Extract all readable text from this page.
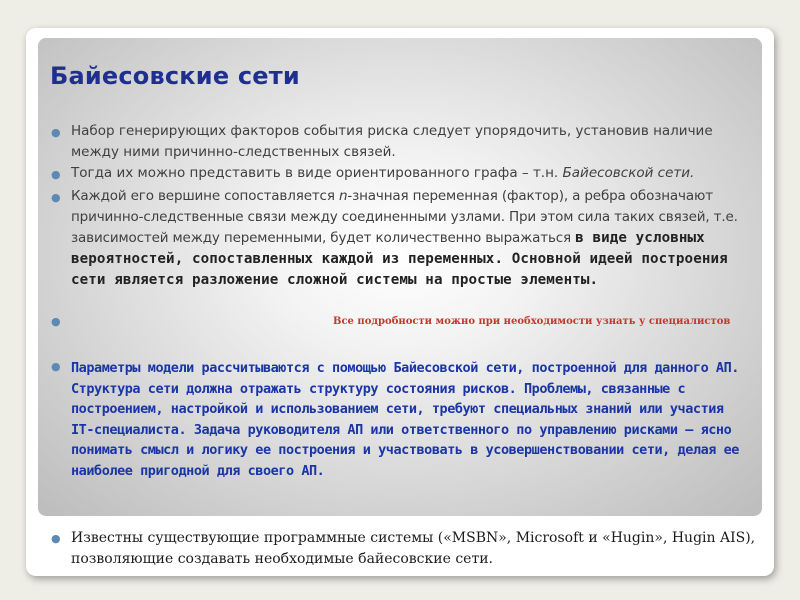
Байесовские сети
● Набор генерирующих факторов события риска следует упорядочить, установив наличие между ними причинно-следственных связей.

● Тогда их можно представить в виде ориентированного графа – т.н. Байесовской сети.

● Каждой его вершине сопоставляется n-значная переменная (фактор), а ребра обозначают причинно-следственные связи между соединенными узлами. При этом сила таких связей, т.е. зависимостей между переменными, будет количественно выражаться в виде условных вероятностей, сопоставленных каждой из переменных. Основной идеей построения сети является разложение сложной системы на простые элементы.

●	Все подробности можно при необходимости узнать у специалистов

● Параметры модели рассчитываются с помощью Байесовской сети, построенной для данного АП. Структура сети должна отражать структуру состояния рисков. Проблемы, связанные с построением, настройкой и использованием сети, требуют специальных знаний или участия IT-специалиста. Задача руководителя АП или ответственного по управлению рисками – ясно понимать смысл и логику ее построения и участвовать в усовершенствовании сети, делая ее наиболее пригодной для своего АП.

● Известны существующие программные системы («MSBN», Microsoft и «Hugin», Hugin AIS), позволяющие создавать необходимые байесовские сети.
